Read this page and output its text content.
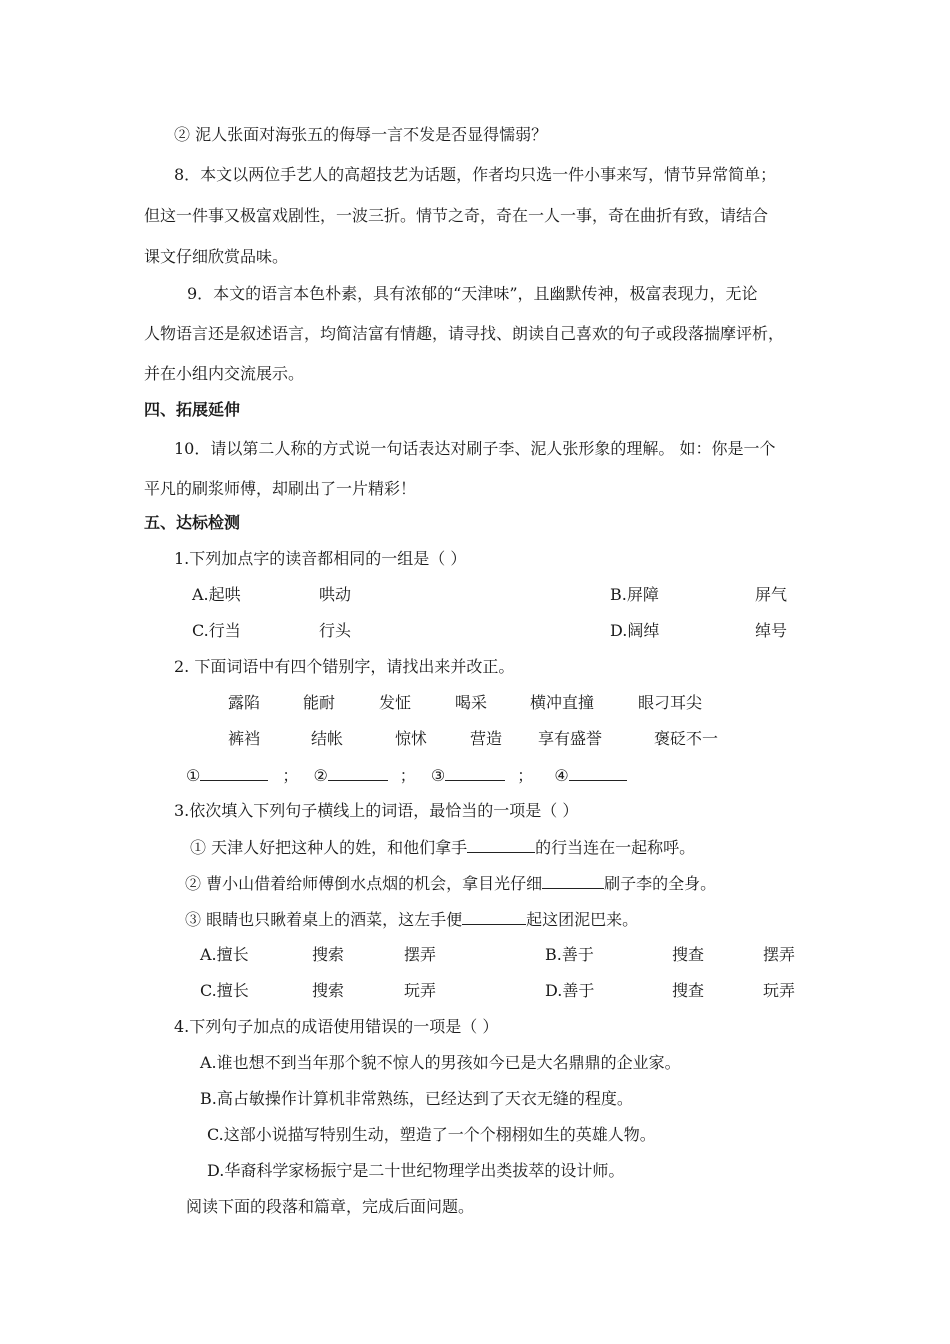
② 泥人张面对海张五的侮辱一言不发是否显得懦弱？
8．本文以两位手艺人的高超技艺为话题，作者均只选一件小事来写，情节异常简单；
但这一件事又极富戏剧性，一波三折。情节之奇，奇在一人一事，奇在曲折有致，请结合
课文仔细欣赏品味。
9．本文的语言本色朴素，具有浓郁的“天津味”，且幽默传神，极富表现力，无论
人物语言还是叙述语言，均简洁富有情趣，请寻找、朗读自己喜欢的句子或段落揣摩评析，
并在小组内交流展示。
四、拓展延伸
10．请以第二人称的方式说一句话表达对刷子李、泥人张形象的理解。 如：你是一个
平凡的刷浆师傅，却刷出了一片精彩！
五、达标检测
1.下列加点字的读音都相同的一组是（ ）
A.起哄	哄动	B.屏障	屏气
C.行当	行头	D.阔绰	绰号
2. 下面词语中有四个错别字，请找出来并改正。
露陷	能耐	发怔	喝采	横冲直撞	眼刁耳尖
裤裆	结帐	惊怵	营造 享有盛誉	褒砭不一
①	； ②	； ③	； ④
3.依次填入下列句子横线上的词语，最恰当的一项是（ ）
① 天津人好把这种人的姓，和他们拿手	的行当连在一起称呼。
② 曹小山借着给师傅倒水点烟的机会，拿目光仔细	刷子李的全身。
③ 眼睛也只瞅着桌上的酒菜，这左手便	起这团泥巴来。
A.擅长	搜索	摆弄	B.善于	搜查	摆弄
C.擅长	搜索	玩弄	D.善于	搜查	玩弄
4.下列句子加点的成语使用错误的一项是（ ）
A.谁也想不到当年那个貌不惊人的男孩如今已是大名鼎鼎的企业家。
B.高占敏操作计算机非常熟练，已经达到了天衣无缝的程度。
C.这部小说描写特别生动，塑造了一个个栩栩如生的英雄人物。
D.华裔科学家杨振宁是二十世纪物理学出类拔萃的设计师。
阅读下面的段落和篇章，完成后面问题。
